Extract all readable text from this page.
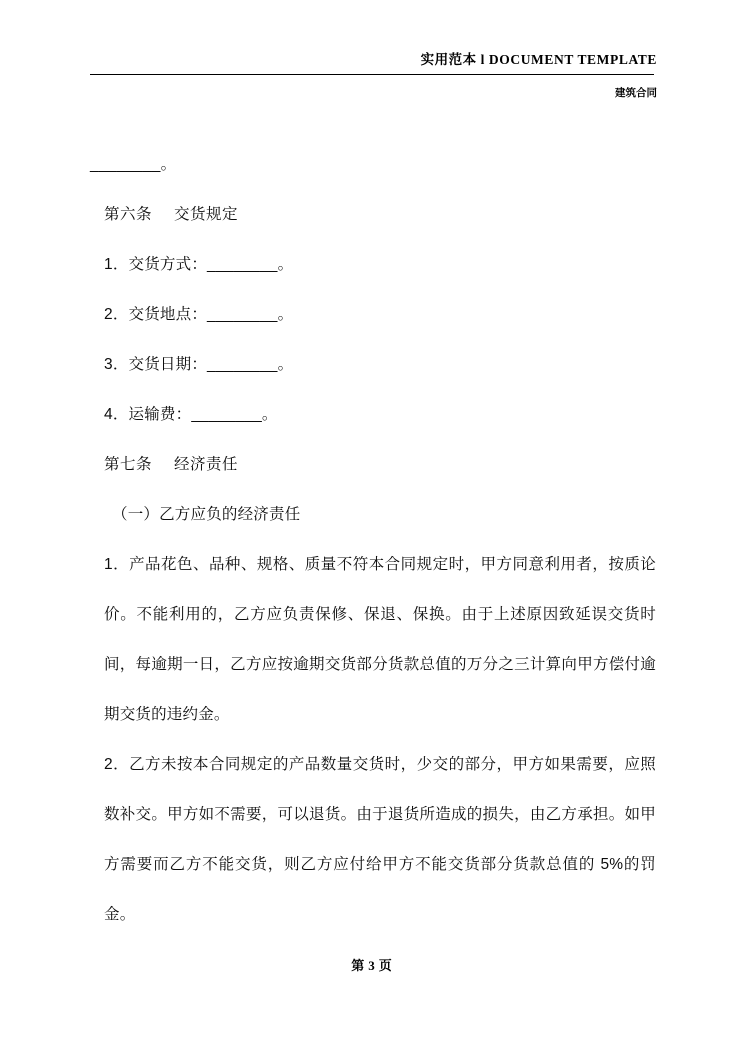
实用范本 l DOCUMENT TEMPLATE
建筑合同

________。

第六条 交货规定

1．交货方式：________。

2．交货地点：________。

3．交货日期：________。

4．运输费：________。

第七条 经济责任

（一）乙方应负的经济责任

1．产品花色、品种、规格、质量不符本合同规定时，甲方同意利用者，按质论价。不能利用的，乙方应负责保修、保退、保换。由于上述原因致延误交货时间，每逾期一日，乙方应按逾期交货部分货款总值的万分之三计算向甲方偿付逾期交货的违约金。

2．乙方未按本合同规定的产品数量交货时，少交的部分，甲方如果需要，应照数补交。甲方如不需要，可以退货。由于退货所造成的损失，由乙方承担。如甲方需要而乙方不能交货，则乙方应付给甲方不能交货部分货款总值的 5%的罚金。

第 3 页
